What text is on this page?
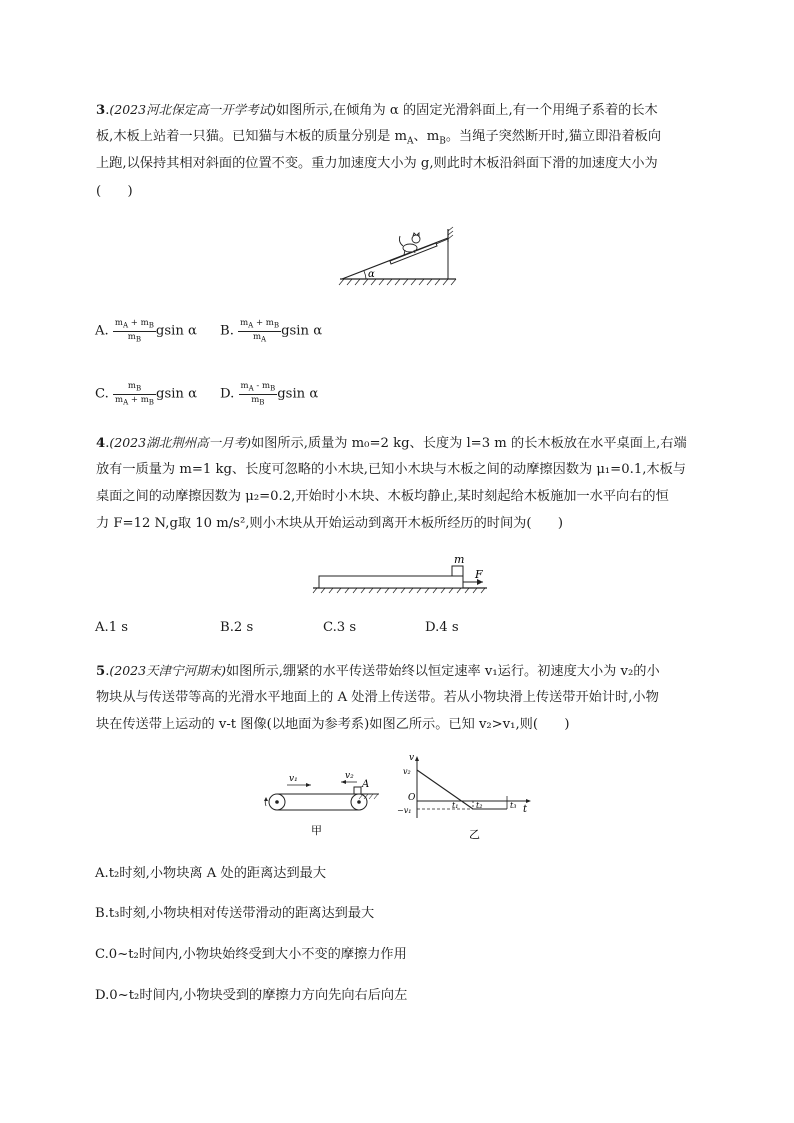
3.(2023河北保定高一开学考试)如图所示,在倾角为 α 的固定光滑斜面上,有一个用绳子系着的长木
板,木板上站着一只猫。已知猫与木板的质量分别是 $m_A$、$m_B$。当绳子突然断开时,猫立即沿着板向
上跑,以保持其相对斜面的位置不变。重力加速度大小为 g,则此时木板沿斜面下滑的加速度大小为
(　　)
α
A. $\frac{m_A + m_B}{m_B}$ gsin α B. $\frac{m_A + m_B}{m_A}$ gsin α
C. $\frac{m_B}{m_A + m_B}$ gsin α D. $\frac{m_A - m_B}{m_B}$ gsin α
4.(2023湖北荆州高一月考)如图所示,质量为 m₀=2 kg、长度为 l=3 m 的长木板放在水平桌面上,右端
放有一质量为 m=1 kg、长度可忽略的小木块,已知小木块与木板之间的动摩擦因数为 μ₁=0.1,木板与
桌面之间的动摩擦因数为 μ₂=0.2,开始时小木块、木板均静止,某时刻起给木板施加一水平向右的恒
力 F=12 N,g取 10 m/s²,则小木块从开始运动到离开木板所经历的时间为(　　)
m
F
A.1 s	B.2 s	C.3 s	D.4 s
5.(2023天津宁河期末)如图所示,绷紧的水平传送带始终以恒定速率 v₁运行。初速度大小为 v₂的小
物块从与传送带等高的光滑水平地面上的 A 处滑上传送带。若从小物块滑上传送带开始计时,小物
块在传送带上运动的 v-t 图像(以地面为参考系)如图乙所示。已知 v₂>v₁,则(　　)
A
v₁	v₂
甲
v
O
t
v₂
−v₁
t₁ t₂	t₃
乙
A.t₂时刻,小物块离 A 处的距离达到最大
B.t₃时刻,小物块相对传送带滑动的距离达到最大
C.0~t₂时间内,小物块始终受到大小不变的摩擦力作用
D.0~t₂时间内,小物块受到的摩擦力方向先向右后向左
